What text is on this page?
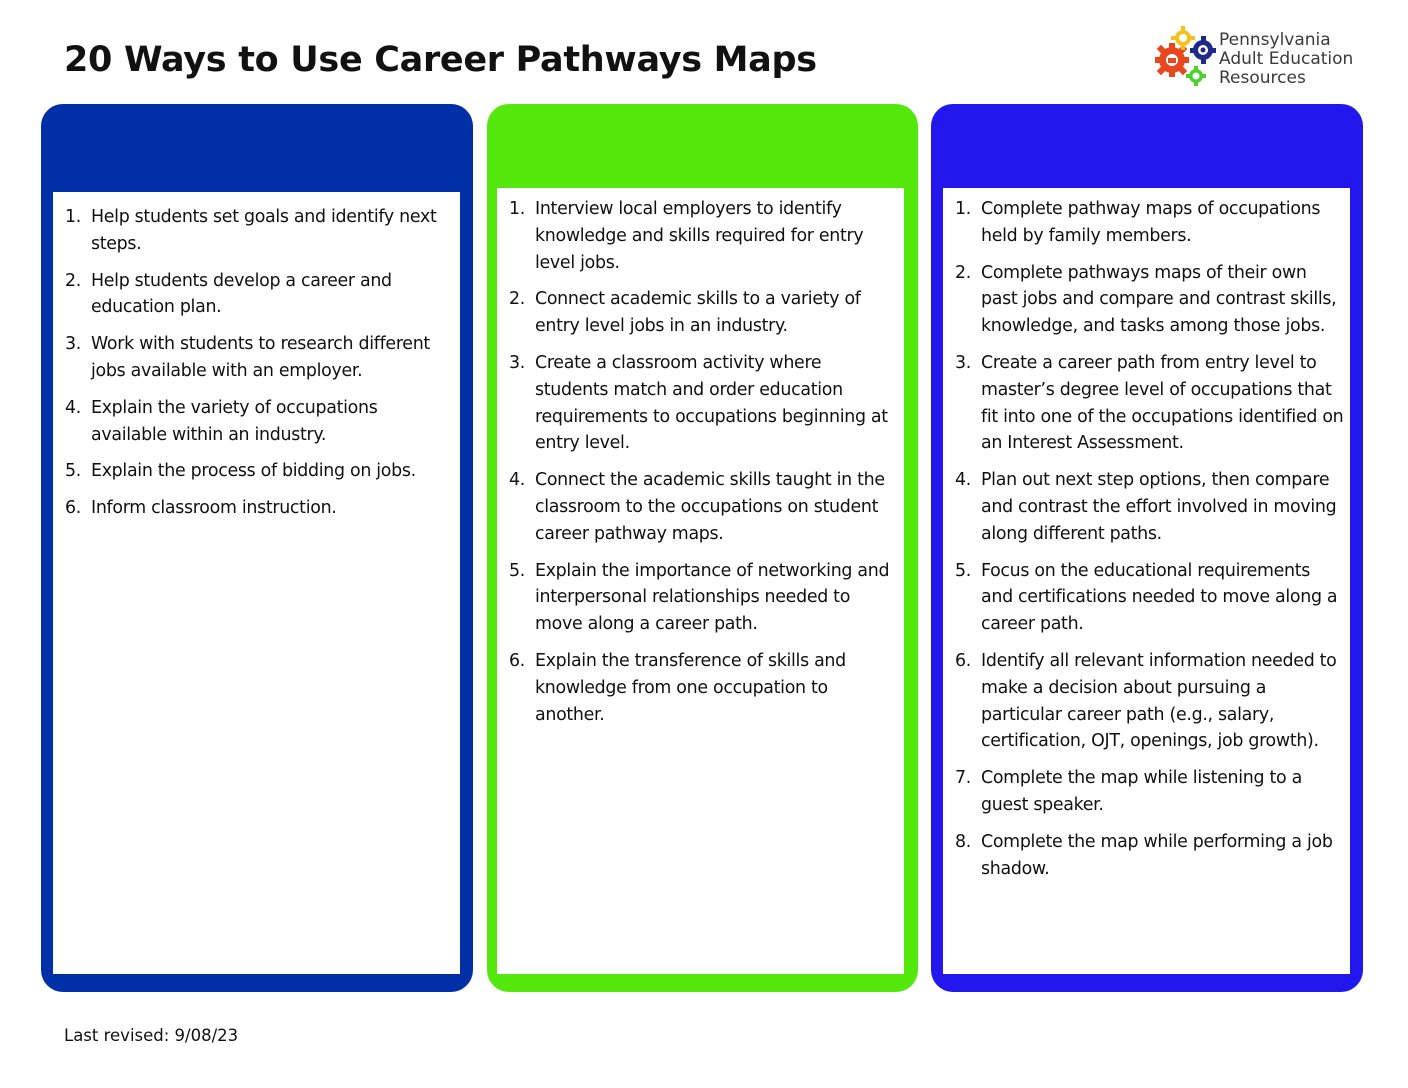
20 Ways to Use Career Pathways Maps	Pennsylvania
Adult Education
Resources
1. Help students set goals and identify next steps.
2. Help students develop a career and education plan.
3. Work with students to research different jobs available with an employer.
4. Explain the variety of occupations available within an industry.
5. Explain the process of bidding on jobs.
6. Inform classroom instruction.
1. Interview local employers to identify knowledge and skills required for entry level jobs.
2. Connect academic skills to a variety of entry level jobs in an industry.
3. Create a classroom activity where students match and order education requirements to occupations beginning at entry level.
4. Connect the academic skills taught in the classroom to the occupations on student career pathway maps.
5. Explain the importance of networking and interpersonal relationships needed to move along a career path.
6. Explain the transference of skills and knowledge from one occupation to another.
1. Complete pathway maps of occupations held by family members.
2. Complete pathways maps of their own past jobs and compare and contrast skills, knowledge, and tasks among those jobs.
3. Create a career path from entry level to master’s degree level of occupations that fit into one of the occupations identified on an Interest Assessment.
4. Plan out next step options, then compare and contrast the effort involved in moving along different paths.
5. Focus on the educational requirements and certifications needed to move along a career path.
6. Identify all relevant information needed to make a decision about pursuing a particular career path (e.g., salary, certification, OJT, openings, job growth).
7. Complete the map while listening to a guest speaker.
8. Complete the map while performing a job shadow.

Last revised: 9/08/23
